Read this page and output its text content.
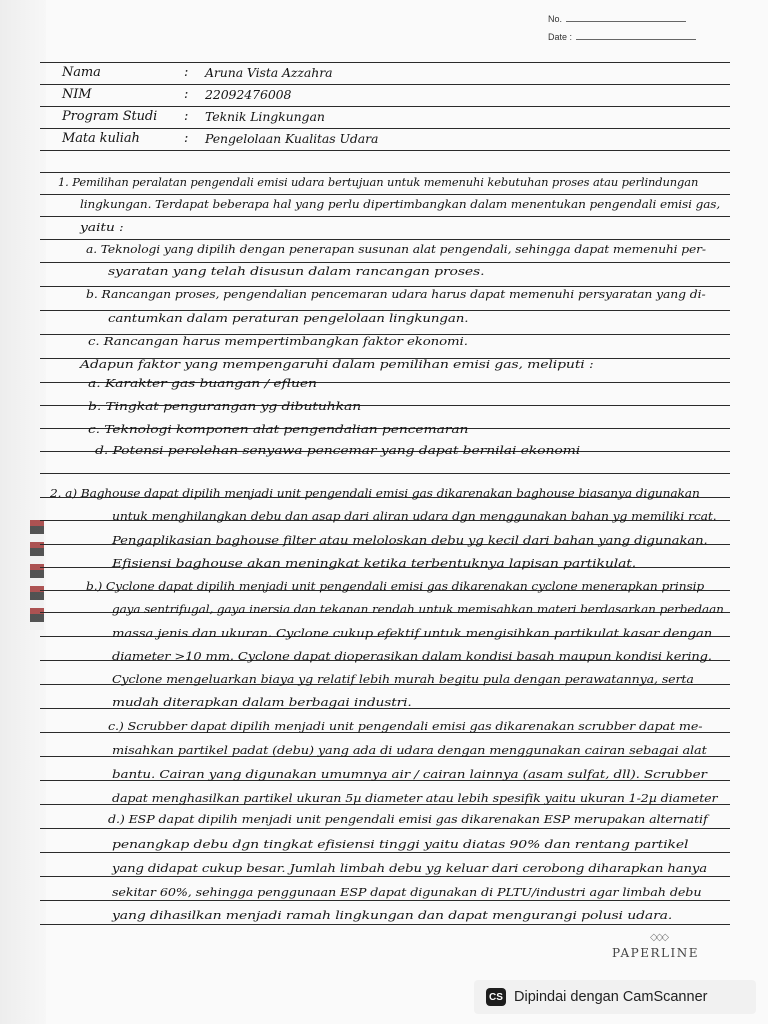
No.
Date :
Nama	: Aruna Vista Azzahra
NIM	: 22092476008
Program Studi : Teknik Lingkungan
Mata kuliah	: Pengelolaan Kualitas Udara
1. Pemilihan peralatan pengendali emisi udara bertujuan untuk memenuhi kebutuhan proses atau perlindungan
lingkungan. Terdapat beberapa hal yang perlu dipertimbangkan dalam menentukan pengendali emisi gas,
yaitu :
a. Teknologi yang dipilih dengan penerapan susunan alat pengendali, sehingga dapat memenuhi per-
syaratan yang telah disusun dalam rancangan proses.
b. Rancangan proses, pengendalian pencemaran udara harus dapat memenuhi persyaratan yang di-
cantumkan dalam peraturan pengelolaan lingkungan.
c. Rancangan harus mempertimbangkan faktor ekonomi.
Adapun faktor yang mempengaruhi dalam pemilihan emisi gas, meliputi :
a. Karakter gas buangan / efluen
b. Tingkat pengurangan yg dibutuhkan
c. Teknologi komponen alat pengendalian pencemaran
d. Potensi perolehan senyawa pencemar yang dapat bernilai ekonomi
2. a) Baghouse dapat dipilih menjadi unit pengendali emisi gas dikarenakan baghouse biasanya digunakan
untuk menghilangkan debu dan asap dari aliran udara dgn menggunakan bahan yg memiliki rcat.
Pengaplikasian baghouse filter atau meloloskan debu yg kecil dari bahan yang digunakan.
Efisiensi baghouse akan meningkat ketika terbentuknya lapisan partikulat.
b.) Cyclone dapat dipilih menjadi unit pengendali emisi gas dikarenakan cyclone menerapkan prinsip
gaya sentrifugal, gaya inersia dan tekanan rendah untuk memisahkan materi berdasarkan perbedaan
massa jenis dan ukuran. Cyclone cukup efektif untuk mengisihkan partikulat kasar dengan
diameter >10 mm. Cyclone dapat dioperasikan dalam kondisi basah maupun kondisi kering.
Cyclone mengeluarkan biaya yg relatif lebih murah begitu pula dengan perawatannya, serta
mudah diterapkan dalam berbagai industri.
c.) Scrubber dapat dipilih menjadi unit pengendali emisi gas dikarenakan scrubber dapat me-
misahkan partikel padat (debu) yang ada di udara dengan menggunakan cairan sebagai alat
bantu. Cairan yang digunakan umumnya air / cairan lainnya (asam sulfat, dll). Scrubber
dapat menghasilkan partikel ukuran 5µ diameter atau lebih spesifik yaitu ukuran 1-2µ diameter
d.) ESP dapat dipilih menjadi unit pengendali emisi gas dikarenakan ESP merupakan alternatif
penangkap debu dgn tingkat efisiensi tinggi yaitu diatas 90% dan rentang partikel
yang didapat cukup besar. Jumlah limbah debu yg keluar dari cerobong diharapkan hanya
sekitar 60%, sehingga penggunaan ESP dapat digunakan di PLTU/industri agar limbah debu
yang dihasilkan menjadi ramah lingkungan dan dapat mengurangi polusi udara.
◇◇◇
PAPERLINE
CS Dipindai dengan CamScanner
